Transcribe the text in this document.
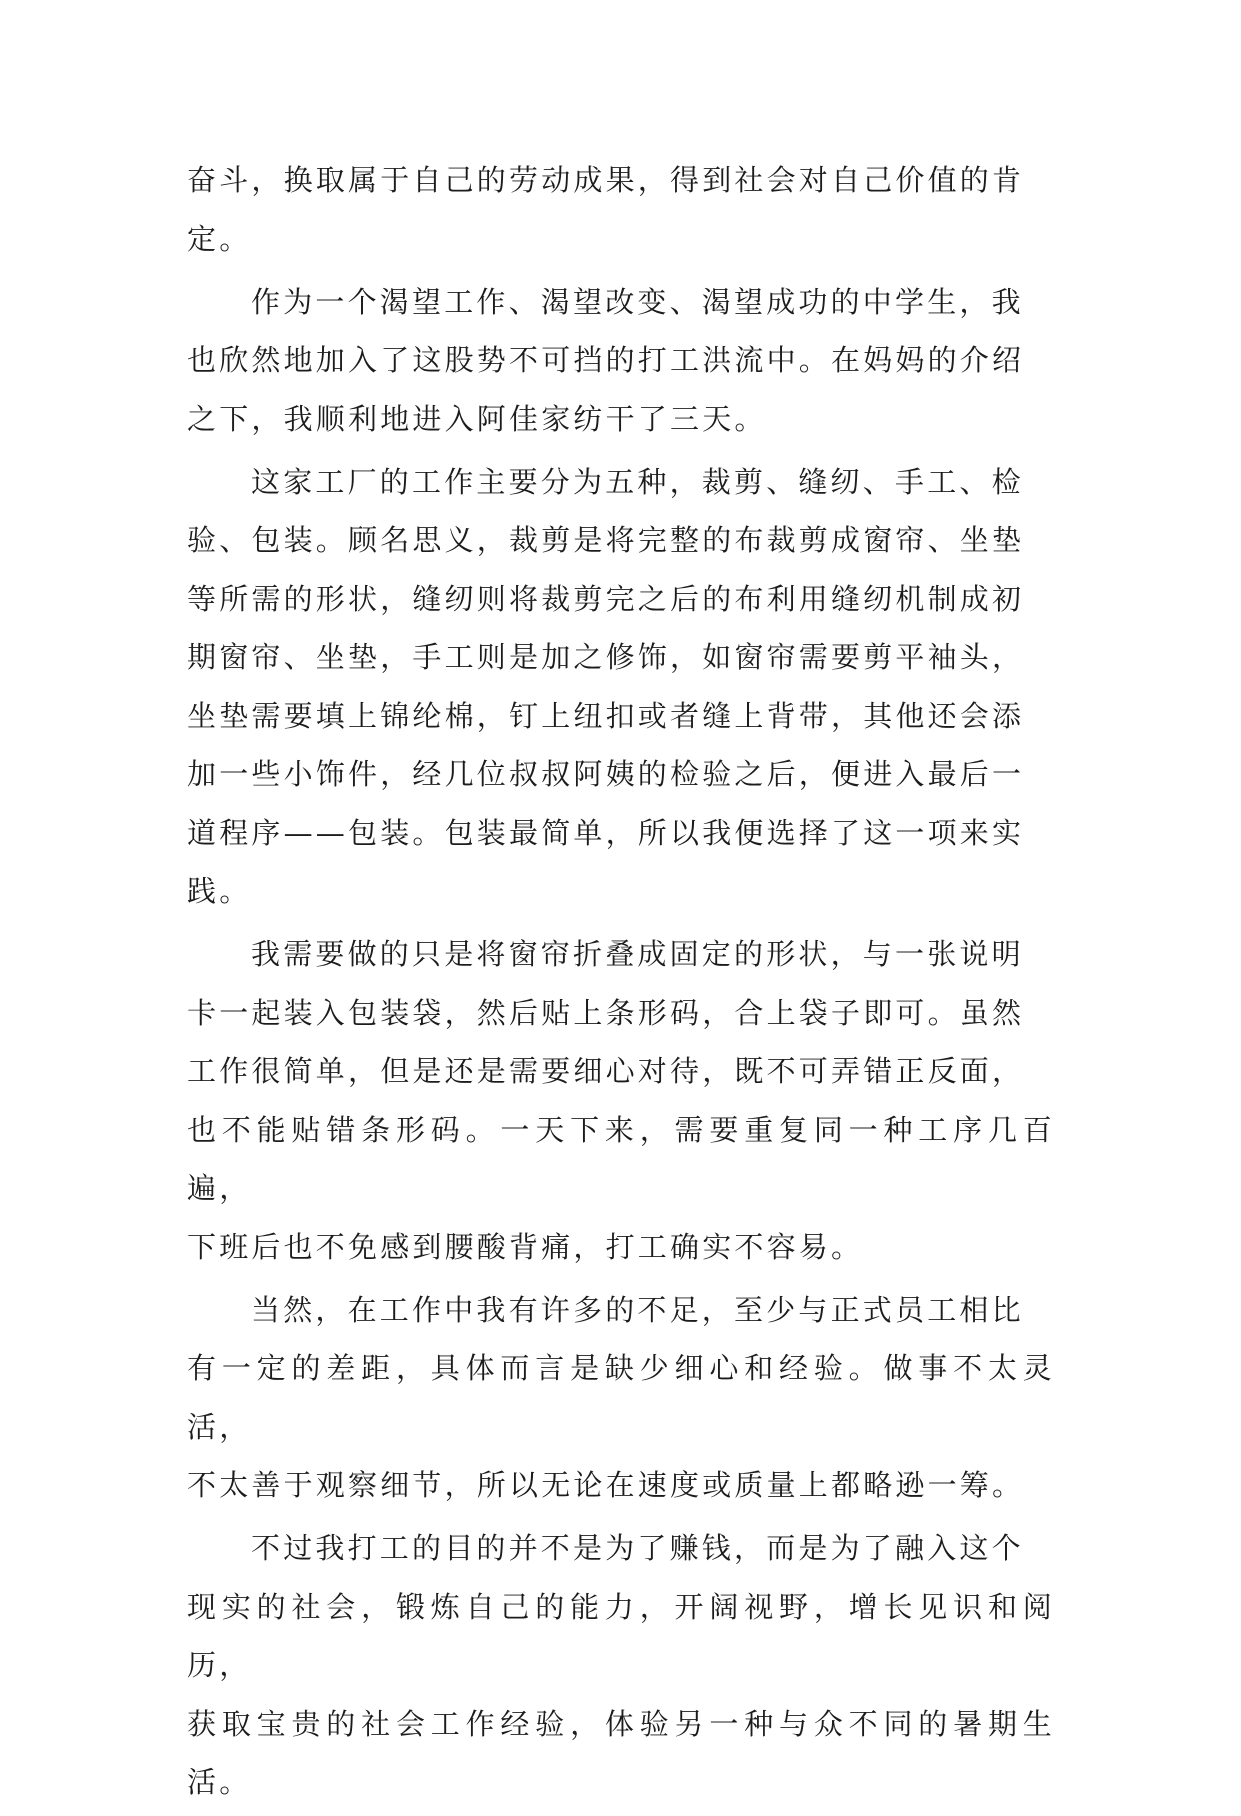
奋斗，换取属于自己的劳动成果，得到社会对自己价值的肯
定。
作为一个渴望工作、渴望改变、渴望成功的中学生，我
也欣然地加入了这股势不可挡的打工洪流中。在妈妈的介绍
之下，我顺利地进入阿佳家纺干了三天。
这家工厂的工作主要分为五种，裁剪、缝纫、手工、检
验、包装。顾名思义，裁剪是将完整的布裁剪成窗帘、坐垫
等所需的形状，缝纫则将裁剪完之后的布利用缝纫机制成初
期窗帘、坐垫，手工则是加之修饰，如窗帘需要剪平袖头，
坐垫需要填上锦纶棉，钉上纽扣或者缝上背带，其他还会添
加一些小饰件，经几位叔叔阿姨的检验之后，便进入最后一
道程序——包装。包装最简单，所以我便选择了这一项来实
践。
我需要做的只是将窗帘折叠成固定的形状，与一张说明
卡一起装入包装袋，然后贴上条形码，合上袋子即可。虽然
工作很简单，但是还是需要细心对待，既不可弄错正反面，
也不能贴错条形码。一天下来，需要重复同一种工序几百遍，
下班后也不免感到腰酸背痛，打工确实不容易。
当然，在工作中我有许多的不足，至少与正式员工相比
有一定的差距，具体而言是缺少细心和经验。做事不太灵活，
不太善于观察细节，所以无论在速度或质量上都略逊一筹。
不过我打工的目的并不是为了赚钱，而是为了融入这个
现实的社会，锻炼自己的能力，开阔视野，增长见识和阅历，
获取宝贵的社会工作经验，体验另一种与众不同的暑期生活。
